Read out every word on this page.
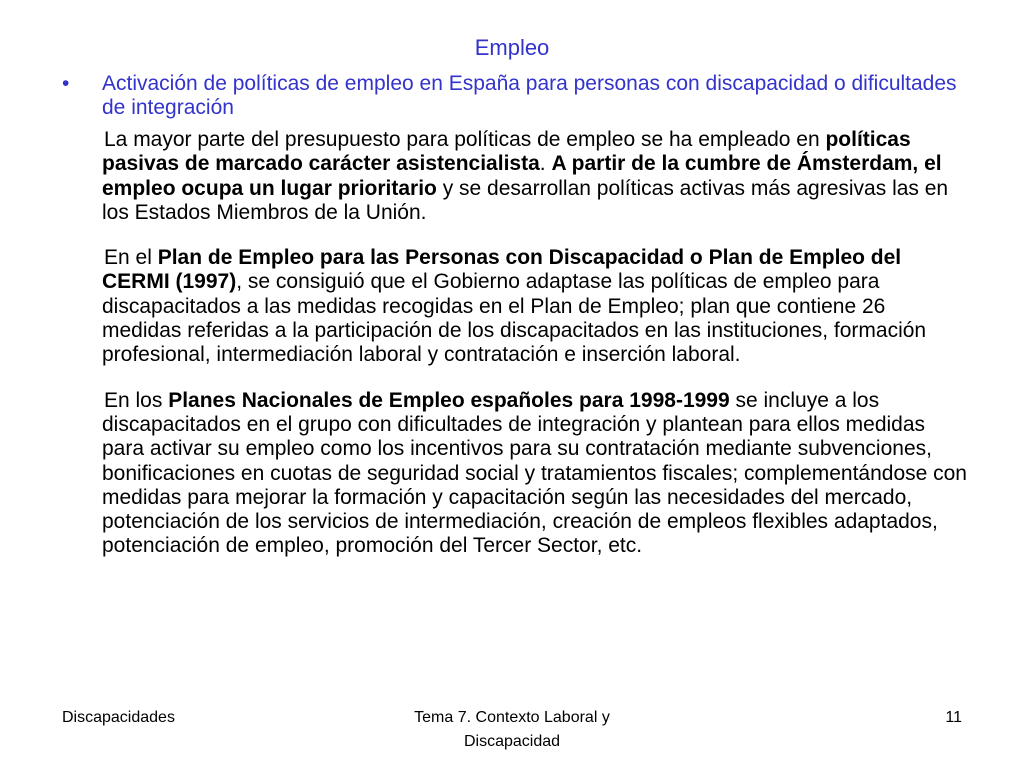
Empleo
• Activación de políticas de empleo en España para personas con discapacidad o dificultades de integración

La mayor parte del presupuesto para políticas de empleo se ha empleado en políticas pasivas de marcado carácter asistencialista. A partir de la cumbre de Ámsterdam, el empleo ocupa un lugar prioritario y se desarrollan políticas activas más agresivas las en los Estados Miembros de la Unión.

En el Plan de Empleo para las Personas con Discapacidad o Plan de Empleo del CERMI (1997), se consiguió que el Gobierno adaptase las políticas de empleo para discapacitados a las medidas recogidas en el Plan de Empleo; plan que contiene 26 medidas referidas a la participación de los discapacitados en las instituciones, formación profesional, intermediación laboral y contratación e inserción laboral.

En los Planes Nacionales de Empleo españoles para 1998-1999 se incluye a los discapacitados en el grupo con dificultades de integración y plantean para ellos medidas para activar su empleo como los incentivos para su contratación mediante subvenciones, bonificaciones en cuotas de seguridad social y tratamientos fiscales; complementándose con medidas para mejorar la formación y capacitación según las necesidades del mercado, potenciación de los servicios de intermediación, creación de empleos flexibles adaptados, potenciación de empleo, promoción del Tercer Sector, etc.

Discapacidades	Tema 7. Contexto Laboral y Discapacidad
11
